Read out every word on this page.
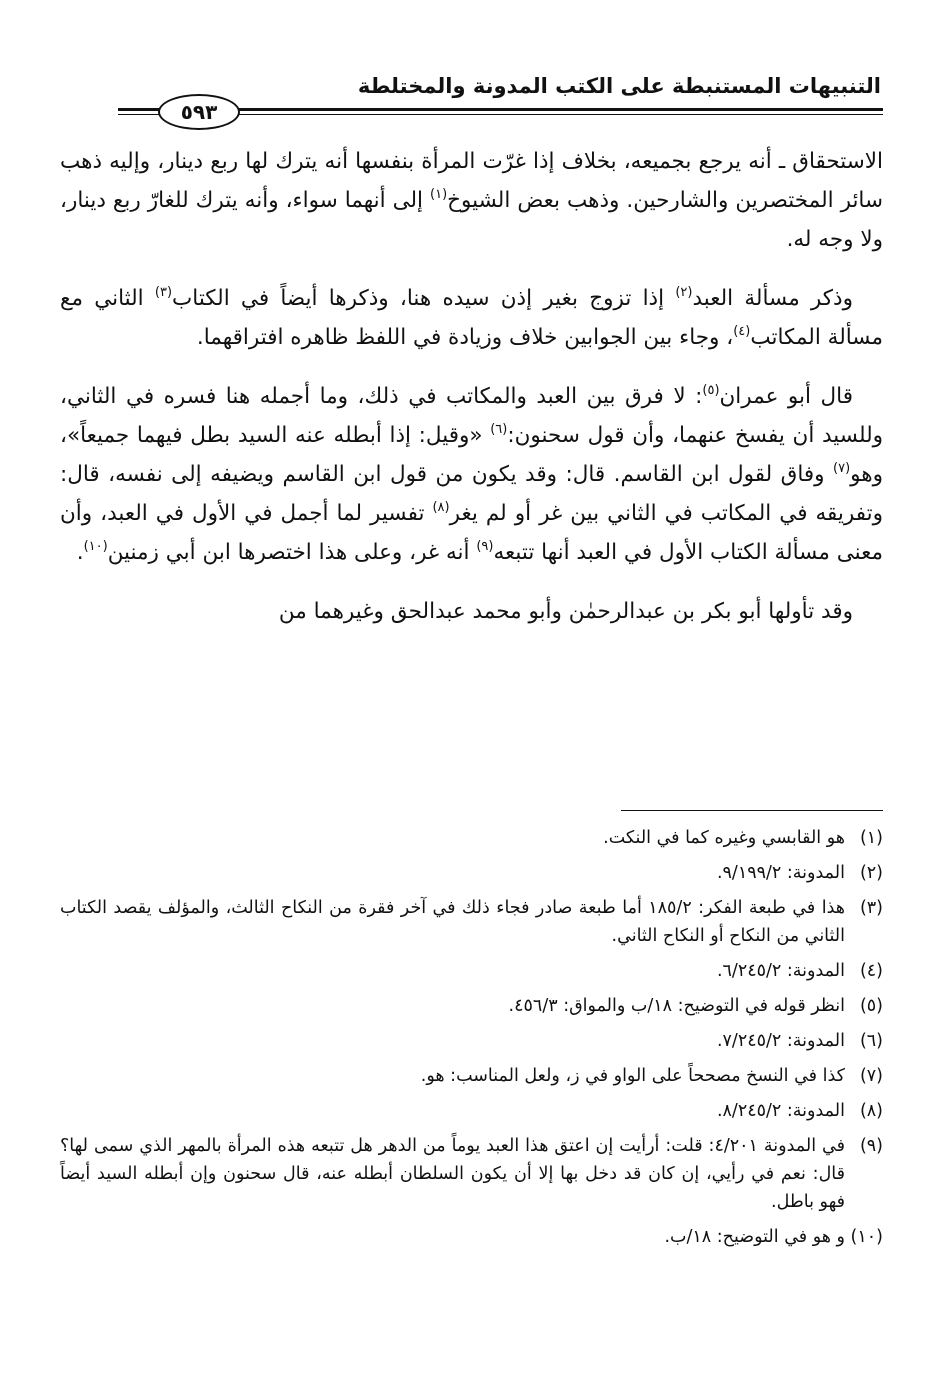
التنبيهات المستنبطة على الكتب المدونة والمختلطة
٥٩٣

الاستحقاق ـ أنه يرجع بجميعه، بخلاف إذا غرّت المرأة بنفسها أنه يترك لها ربع دينار، وإليه ذهب سائر المختصرين والشارحين. وذهب بعض الشيوخ$^{(١)}$ إلى أنهما سواء، وأنه يترك للغارّ ربع دينار، ولا وجه له.

وذكر مسألة العبد$^{(٢)}$ إذا تزوج بغير إذن سيده هنا، وذكرها أيضاً في الكتاب$^{(٣)}$ الثاني مع مسألة المكاتب$^{(٤)}$، وجاء بين الجوابين خلاف وزيادة في اللفظ ظاهره افتراقهما.

قال أبو عمران$^{(٥)}$: لا فرق بين العبد والمكاتب في ذلك، وما أجمله هنا فسره في الثاني، وللسيد أن يفسخ عنهما، وأن قول سحنون:$^{(٦)}$ «وقيل: إذا أبطله عنه السيد بطل فيهما جميعاً»، وهو$^{(٧)}$ وفاق لقول ابن القاسم. قال: وقد يكون من قول ابن القاسم ويضيفه إلى نفسه، قال: وتفريقه في المكاتب في الثاني بين غر أو لم يغر$^{(٨)}$ تفسير لما أجمل في الأول في العبد، وأن معنى مسألة الكتاب الأول في العبد أنها تتبعه$^{(٩)}$ أنه غر، وعلى هذا اختصرها ابن أبي زمنين$^{(١٠)}$.

وقد تأولها أبو بكر بن عبدالرحمٰن وأبو محمد عبدالحق وغيرهما من

(١)
هو القابسي وغيره كما في النكت.
(٢)
المدونة: ٩/١٩٩/٢.
(٣)
هذا في طبعة الفكر: ١٨٥/٢ أما طبعة صادر فجاء ذلك في آخر فقرة من النكاح الثالث، والمؤلف يقصد الكتاب الثاني من النكاح أو النكاح الثاني.
(٤)
المدونة: ٦/٢٤٥/٢.
(٥)
انظر قوله في التوضيح: ١٨/ب والمواق: ٤٥٦/٣.
(٦)
المدونة: ٧/٢٤٥/٢.
(٧)
كذا في النسخ مصححاً على الواو في ز، ولعل المناسب: هو.
(٨)
المدونة: ٨/٢٤٥/٢.
(٩)
في المدونة ٤/٢٠١: قلت: أرأيت إن اعتق هذا العبد يوماً من الدهر هل تتبعه هذه المرأة بالمهر الذي سمى لها؟ قال: نعم في رأيي، إن كان قد دخل بها إلا أن يكون السلطان أبطله عنه، قال سحنون وإن أبطله السيد أيضاً فهو باطل.
(١٠)
و هو في التوضيح: ١٨/ب.
